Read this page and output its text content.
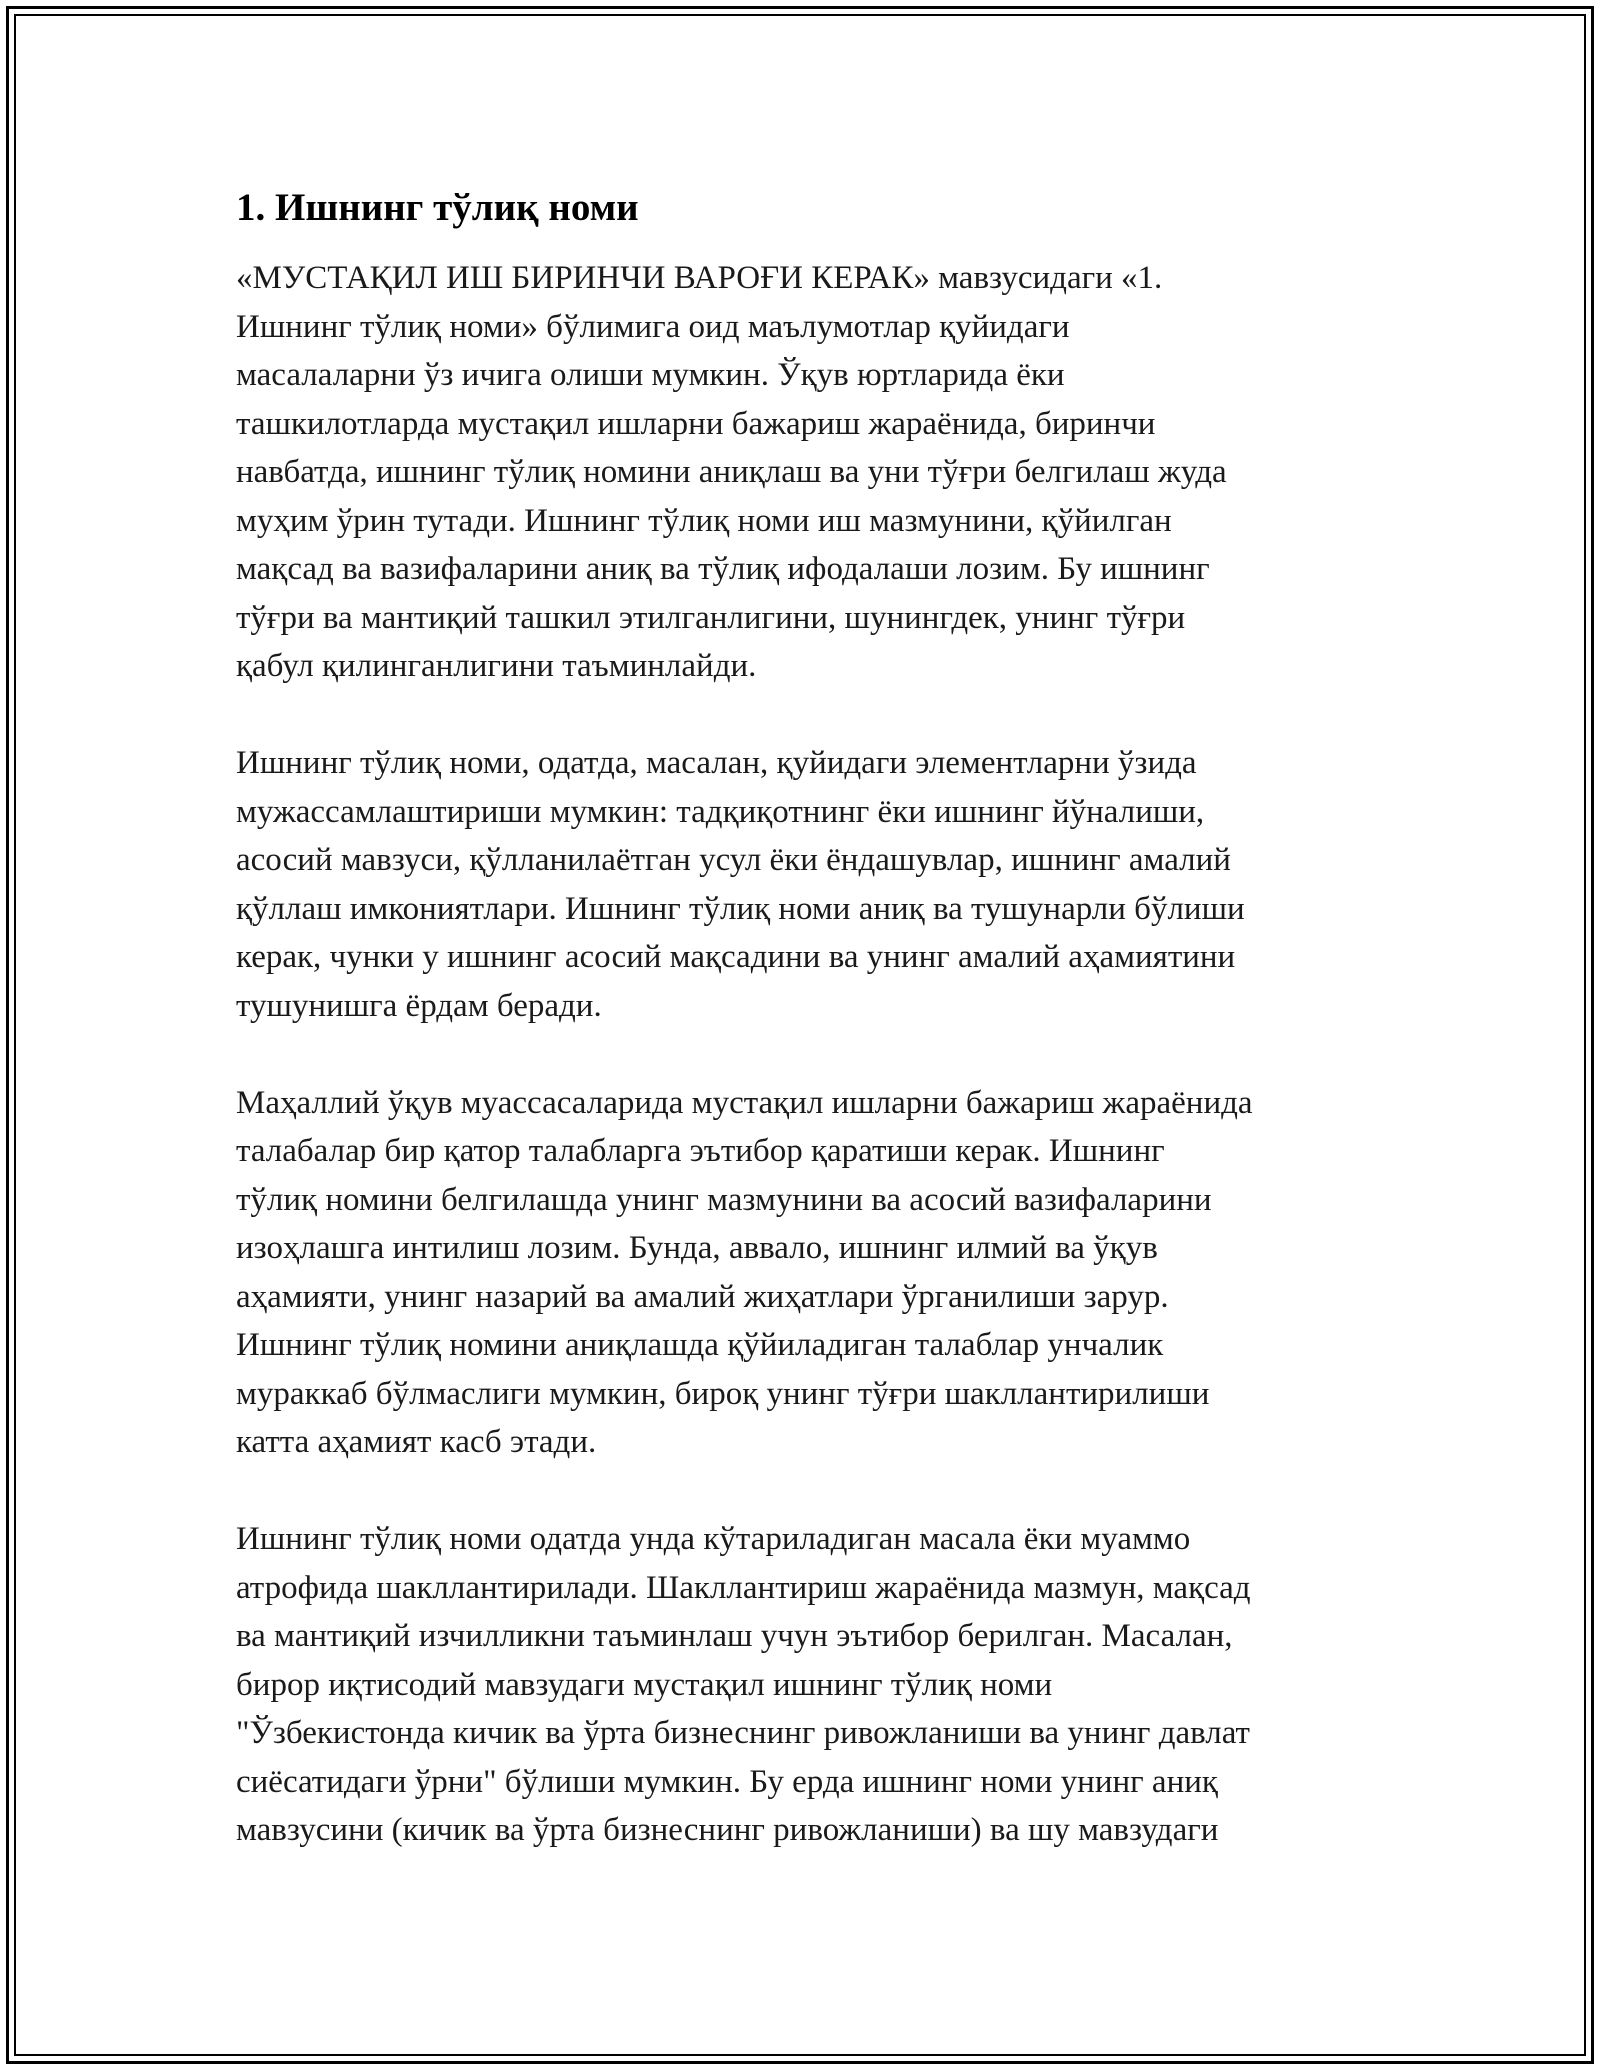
1. Ишнинг тўлиқ номи
«МУСТАҚИЛ ИШ БИРИНЧИ ВАРОҒИ КЕРАК» мавзусидаги «1.
Ишнинг тўлиқ номи» бўлимига оид маълумотлар қуйидаги
масалаларни ўз ичига олиши мумкин. Ўқув юртларида ёки
ташкилотларда мустақил ишларни бажариш жараёнида, биринчи
навбатда, ишнинг тўлиқ номини аниқлаш ва уни тўғри белгилаш жуда
муҳим ўрин тутади. Ишнинг тўлиқ номи иш мазмунини, қўйилган
мақсад ва вазифаларини аниқ ва тўлиқ ифодалаши лозим. Бу ишнинг
тўғри ва мантиқий ташкил этилганлигини, шунингдек, унинг тўғри
қабул қилинганлигини таъминлайди.
Ишнинг тўлиқ номи, одатда, масалан, қуйидаги элементларни ўзида
мужассамлаштириши мумкин: тадқиқотнинг ёки ишнинг йўналиши,
асосий мавзуси, қўлланилаётган усул ёки ёндашувлар, ишнинг амалий
қўллаш имкониятлари. Ишнинг тўлиқ номи аниқ ва тушунарли бўлиши
керак, чунки у ишнинг асосий мақсадини ва унинг амалий аҳамиятини
тушунишга ёрдам беради.
Маҳаллий ўқув муассасаларида мустақил ишларни бажариш жараёнида
талабалар бир қатор талабларга эътибор қаратиши керак. Ишнинг
тўлиқ номини белгилашда унинг мазмунини ва асосий вазифаларини
изоҳлашга интилиш лозим. Бунда, аввало, ишнинг илмий ва ўқув
аҳамияти, унинг назарий ва амалий жиҳатлари ўрганилиши зарур.
Ишнинг тўлиқ номини аниқлашда қўйиладиган талаблар унчалик
мураккаб бўлмаслиги мумкин, бироқ унинг тўғри шакллантирилиши
катта аҳамият касб этади.
Ишнинг тўлиқ номи одатда унда кўтариладиган масала ёки муаммо
атрофида шакллантирилади. Шакллантириш жараёнида мазмун, мақсад
ва мантиқий изчилликни таъминлаш учун эътибор берилган. Масалан,
бирор иқтисодий мавзудаги мустақил ишнинг тўлиқ номи
"Ўзбекистонда кичик ва ўрта бизнеснинг ривожланиши ва унинг давлат
сиёсатидаги ўрни" бўлиши мумкин. Бу ерда ишнинг номи унинг аниқ
мавзусини (кичик ва ўрта бизнеснинг ривожланиши) ва шу мавзудаги
